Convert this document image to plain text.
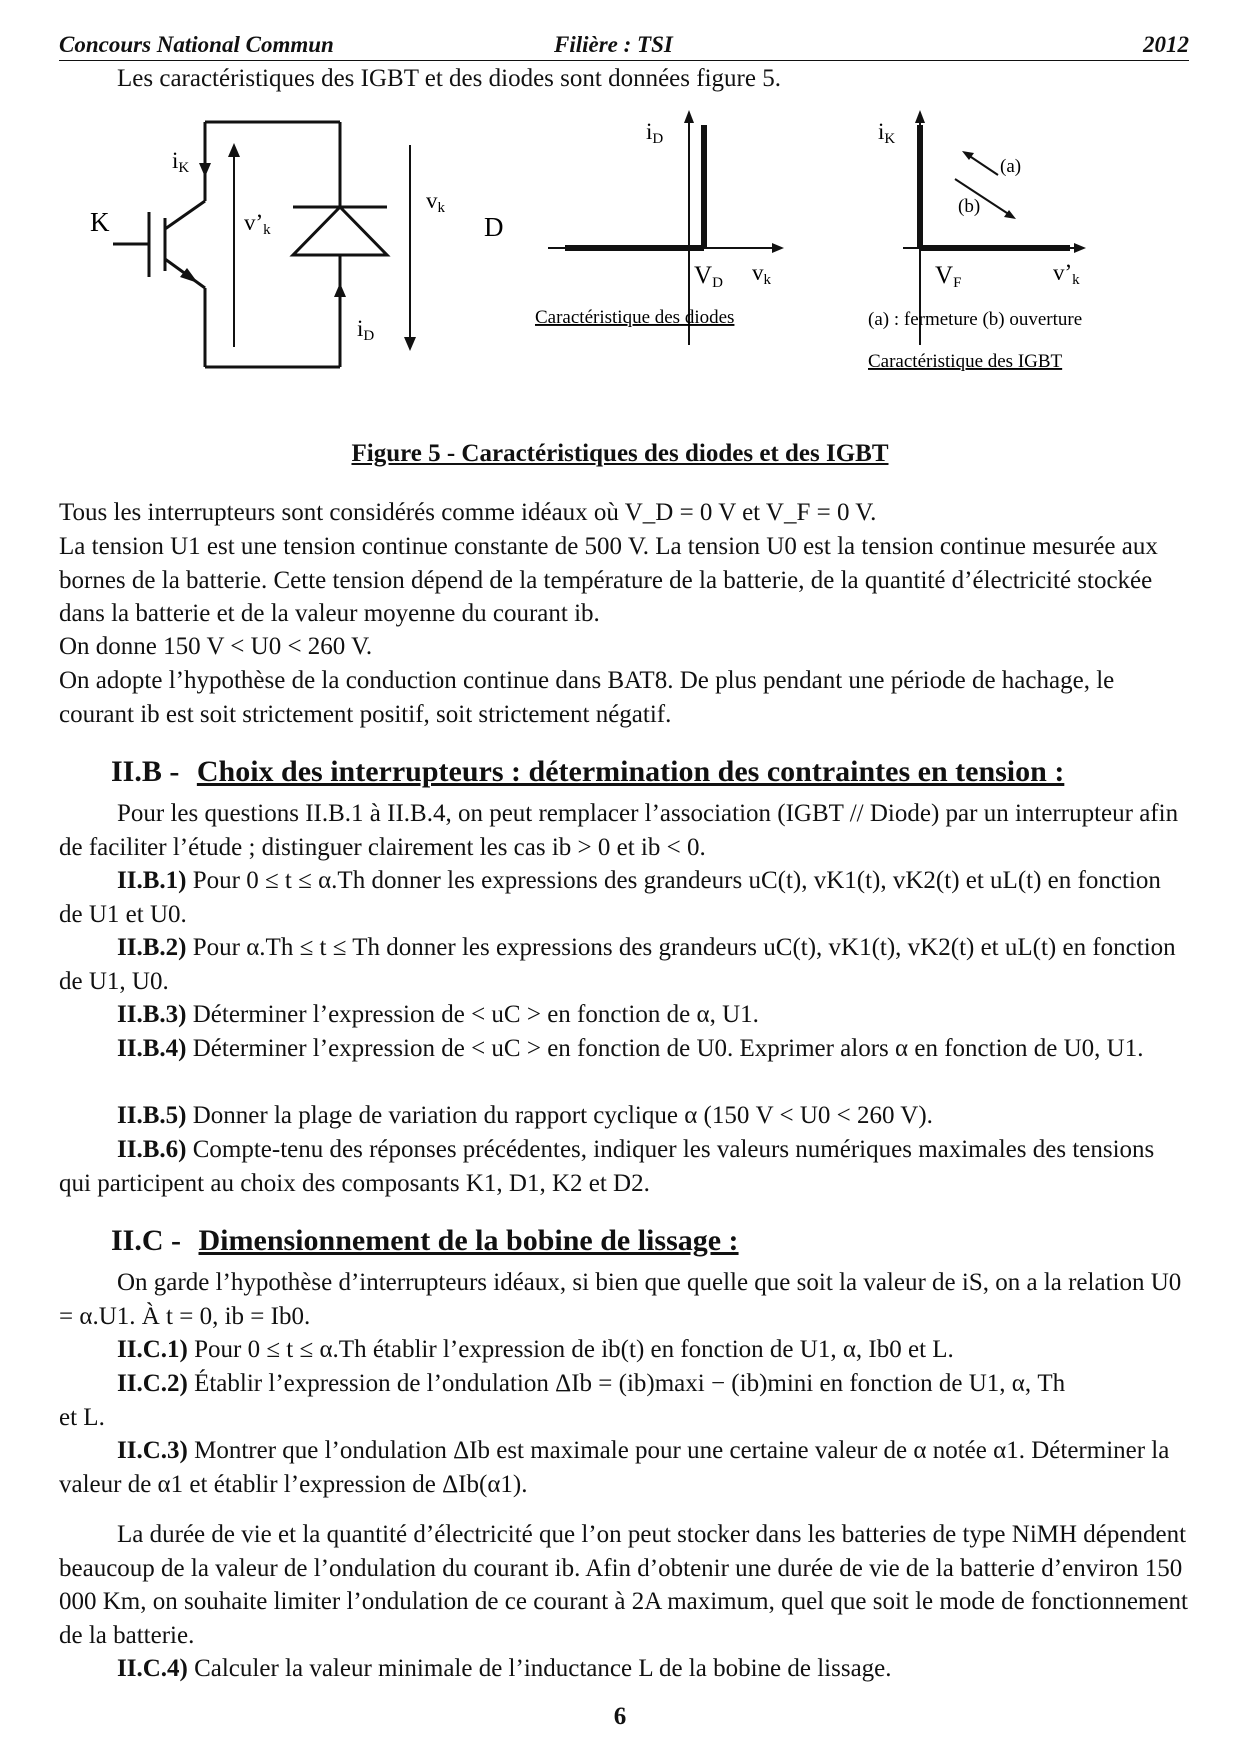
Concours National Commun	Filière : TSI	2012
Les caractéristiques des IGBT et des diodes sont données figure 5.
iK
K	v’k
vk
iD
D
iD
VD vk
Caractéristique des diodes
iK
(a)
(b)
VF	v’k
(a) : fermeture (b) ouverture
Caractéristique des IGBT
Figure 5 - Caractéristiques des diodes et des IGBT

Tous les interrupteurs sont considérés comme idéaux où V_D = 0 V et V_F = 0 V.

La tension U1 est une tension continue constante de 500 V. La tension U0 est la tension continue mesurée aux bornes de la batterie. Cette tension dépend de la température de la batterie, de la quantité d’électricité stockée dans la batterie et de la valeur moyenne du courant ib.

On donne 150 V < U0 < 260 V.

On adopte l’hypothèse de la conduction continue dans BAT8. De plus pendant une période de hachage, le courant ib est soit strictement positif, soit strictement négatif.

II.B - Choix des interrupteurs : détermination des contraintes en tension :

Pour les questions II.B.1 à II.B.4, on peut remplacer l’association (IGBT // Diode) par un interrupteur afin de faciliter l’étude ; distinguer clairement les cas ib > 0 et ib < 0.

II.B.1) Pour 0 ≤ t ≤ α.Th donner les expressions des grandeurs uC(t), vK1(t), vK2(t) et uL(t) en fonction de U1 et U0.
II.B.2) Pour α.Th ≤ t ≤ Th donner les expressions des grandeurs uC(t), vK1(t), vK2(t) et uL(t) en fonction de U1, U0.
II.B.3) Déterminer l’expression de < uC > en fonction de α, U1.
II.B.4) Déterminer l’expression de < uC > en fonction de U0. Exprimer alors α en fonction de U0, U1.
II.B.5) Donner la plage de variation du rapport cyclique α (150 V < U0 < 260 V).
II.B.6) Compte-tenu des réponses précédentes, indiquer les valeurs numériques maximales des tensions qui participent au choix des composants K1, D1, K2 et D2.
II.C - Dimensionnement de la bobine de lissage :

On garde l’hypothèse d’interrupteurs idéaux, si bien que quelle que soit la valeur de iS, on a la relation U0 = α.U1. À t = 0, ib = Ib0.

II.C.1) Pour 0 ≤ t ≤ α.Th établir l’expression de ib(t) en fonction de U1, α, Ib0 et L.
II.C.2) Établir l’expression de l’ondulation ΔIb = (ib)maxi − (ib)mini en fonction de U1, α, Th et L.
II.C.3) Montrer que l’ondulation ΔIb est maximale pour une certaine valeur de α notée α1. Déterminer la valeur de α1 et établir l’expression de ΔIb(α1).

La durée de vie et la quantité d’électricité que l’on peut stocker dans les batteries de type NiMH dépendent beaucoup de la valeur de l’ondulation du courant ib. Afin d’obtenir une durée de vie de la batterie d’environ 150 000 Km, on souhaite limiter l’ondulation de ce courant à 2A maximum, quel que soit le mode de fonctionnement de la batterie.

II.C.4) Calculer la valeur minimale de l’inductance L de la bobine de lissage.
6
